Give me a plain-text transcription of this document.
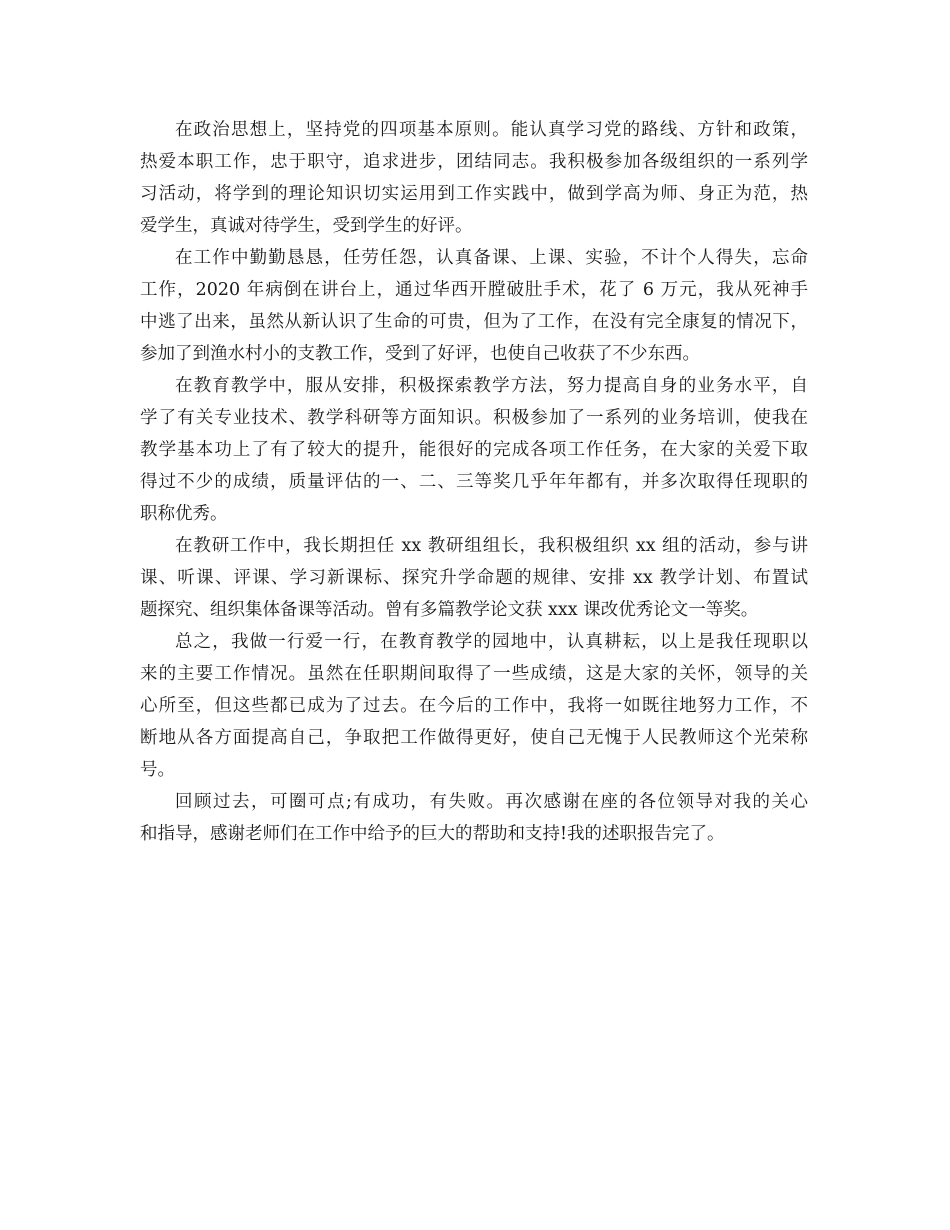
在政治思想上，坚持党的四项基本原则。能认真学习党的路线、方针和政策，
热爱本职工作，忠于职守，追求进步，团结同志。我积极参加各级组织的一系列学
习活动，将学到的理论知识切实运用到工作实践中，做到学高为师、身正为范，热
爱学生，真诚对待学生，受到学生的好评。
在工作中勤勤恳恳，任劳任怨，认真备课、上课、实验，不计个人得失，忘命
工作，2020 年病倒在讲台上，通过华西开膛破肚手术，花了 6 万元，我从死神手
中逃了出来，虽然从新认识了生命的可贵，但为了工作，在没有完全康复的情况下，
参加了到渔水村小的支教工作，受到了好评，也使自己收获了不少东西。
在教育教学中，服从安排，积极探索教学方法，努力提高自身的业务水平，自
学了有关专业技术、教学科研等方面知识。积极参加了一系列的业务培训，使我在
教学基本功上了有了较大的提升，能很好的完成各项工作任务，在大家的关爱下取
得过不少的成绩，质量评估的一、二、三等奖几乎年年都有，并多次取得任现职的
职称优秀。
在教研工作中，我长期担任 xx 教研组组长，我积极组织 xx 组的活动，参与讲
课、听课、评课、学习新课标、探究升学命题的规律、安排 xx 教学计划、布置试
题探究、组织集体备课等活动。曾有多篇教学论文获 xxx 课改优秀论文一等奖。
总之，我做一行爱一行，在教育教学的园地中，认真耕耘，以上是我任现职以
来的主要工作情况。虽然在任职期间取得了一些成绩，这是大家的关怀，领导的关
心所至，但这些都已成为了过去。在今后的工作中，我将一如既往地努力工作，不
断地从各方面提高自己，争取把工作做得更好，使自己无愧于人民教师这个光荣称
号。
回顾过去，可圈可点;有成功，有失败。再次感谢在座的各位领导对我的关心
和指导，感谢老师们在工作中给予的巨大的帮助和支持!我的述职报告完了。
